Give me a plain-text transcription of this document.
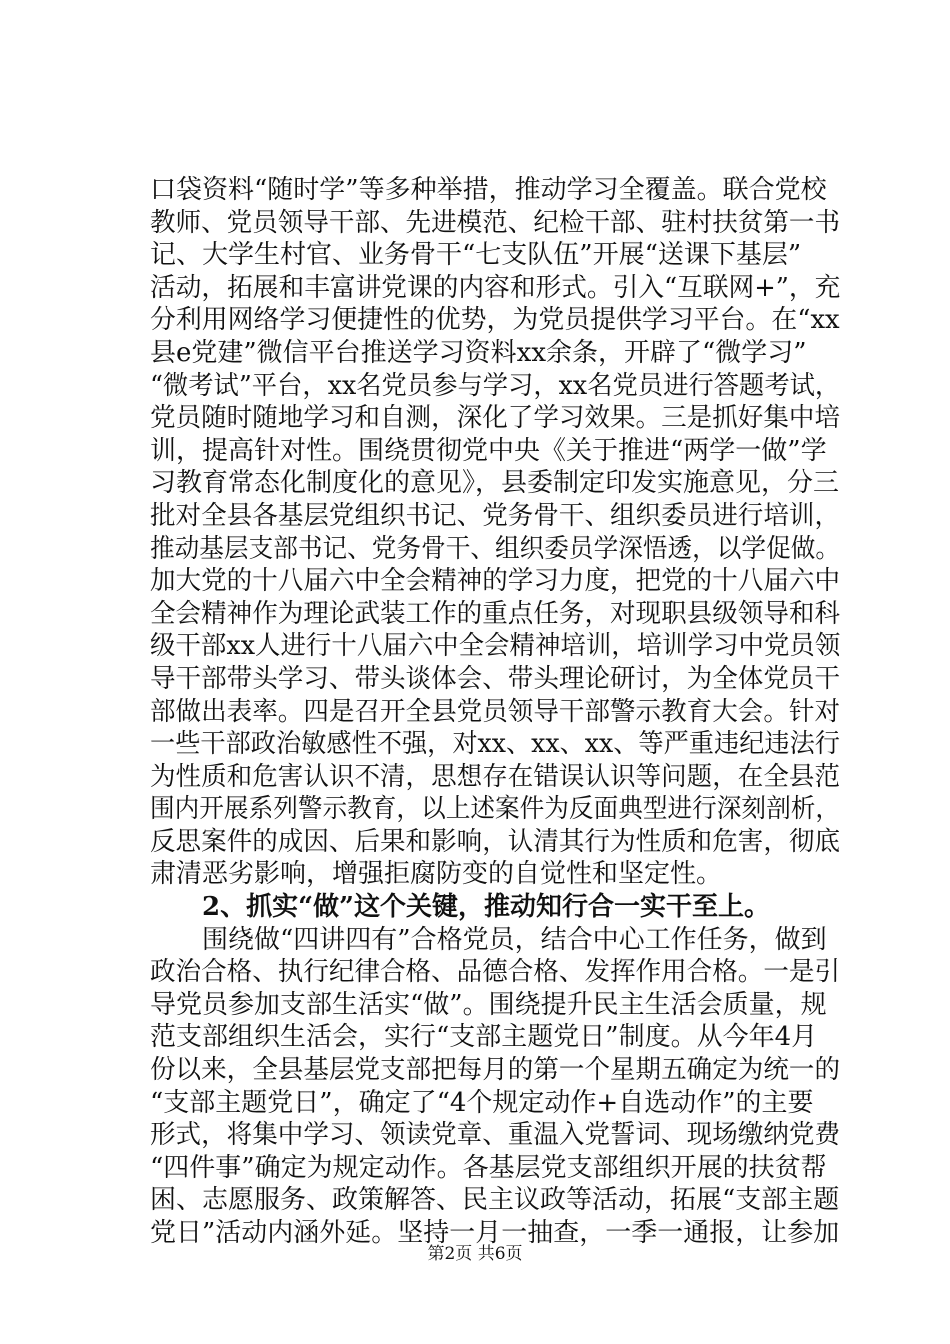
口袋资料“随时学”等多种举措，推动学习全覆盖。联合党校
教师、党员领导干部、先进模范、纪检干部、驻村扶贫第一书
记、大学生村官、业务骨干“七支队伍”开展“送课下基层”
活动，拓展和丰富讲党课的内容和形式。引入“互联网+”，充
分利用网络学习便捷性的优势，为党员提供学习平台。在“xx
县e党建”微信平台推送学习资料xx余条，开辟了“微学习”
“微考试”平台，xx名党员参与学习，xx名党员进行答题考试，
党员随时随地学习和自测，深化了学习效果。三是抓好集中培
训，提高针对性。围绕贯彻党中央《关于推进“两学一做”学
习教育常态化制度化的意见》，县委制定印发实施意见，分三
批对全县各基层党组织书记、党务骨干、组织委员进行培训，
推动基层支部书记、党务骨干、组织委员学深悟透，以学促做。
加大党的十八届六中全会精神的学习力度，把党的十八届六中
全会精神作为理论武装工作的重点任务，对现职县级领导和科
级干部xx人进行十八届六中全会精神培训，培训学习中党员领
导干部带头学习、带头谈体会、带头理论研讨，为全体党员干
部做出表率。四是召开全县党员领导干部警示教育大会。针对
一些干部政治敏感性不强，对xx、xx、xx、等严重违纪违法行
为性质和危害认识不清，思想存在错误认识等问题，在全县范
围内开展系列警示教育，以上述案件为反面典型进行深刻剖析，
反思案件的成因、后果和影响，认清其行为性质和危害，彻底
肃清恶劣影响，增强拒腐防变的自觉性和坚定性。
　　2、抓实“做”这个关键，推动知行合一实干至上。
　　围绕做“四讲四有”合格党员，结合中心工作任务，做到
政治合格、执行纪律合格、品德合格、发挥作用合格。一是引
导党员参加支部生活实“做”。围绕提升民主生活会质量，规
范支部组织生活会，实行“支部主题党日”制度。从今年4月
份以来，全县基层党支部把每月的第一个星期五确定为统一的
“支部主题党日”，确定了“4个规定动作+自选动作”的主要
形式，将集中学习、领读党章、重温入党誓词、现场缴纳党费
“四件事”确定为规定动作。各基层党支部组织开展的扶贫帮
困、志愿服务、政策解答、民主议政等活动，拓展“支部主题
党日”活动内涵外延。坚持一月一抽查，一季一通报，让参加
第2页 共6页
